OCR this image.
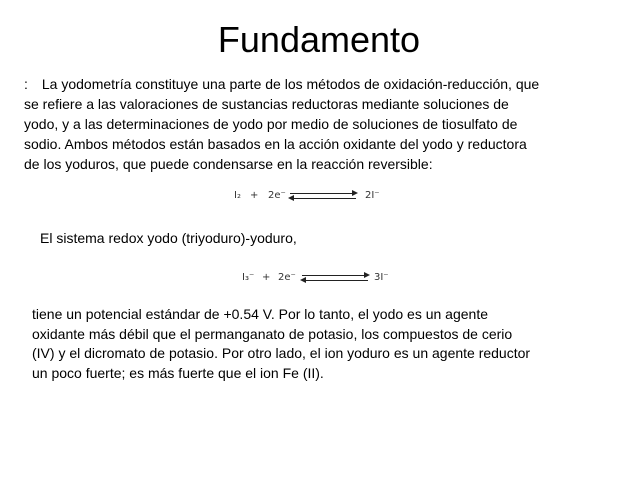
Fundamento
: La yodometría constituye una parte de los métodos de oxidación-reducción, que
se refiere a las valoraciones de sustancias reductoras mediante soluciones de
yodo, y a las determinaciones de yodo por medio de soluciones de tiosulfato de
sodio. Ambos métodos están basados en la acción oxidante del yodo y reductora
de los yoduros, que puede condensarse en la reacción reversible:
I₂ + 2e⁻	2I⁻
El sistema redox yodo (triyoduro)-yoduro,
I₃⁻ + 2e⁻	3I⁻
tiene un potencial estándar de +0.54 V. Por lo tanto, el yodo es un agente
oxidante más débil que el permanganato de potasio, los compuestos de cerio
(IV) y el dicromato de potasio. Por otro lado, el ion yoduro es un agente reductor
un poco fuerte; es más fuerte que el ion Fe (II).
